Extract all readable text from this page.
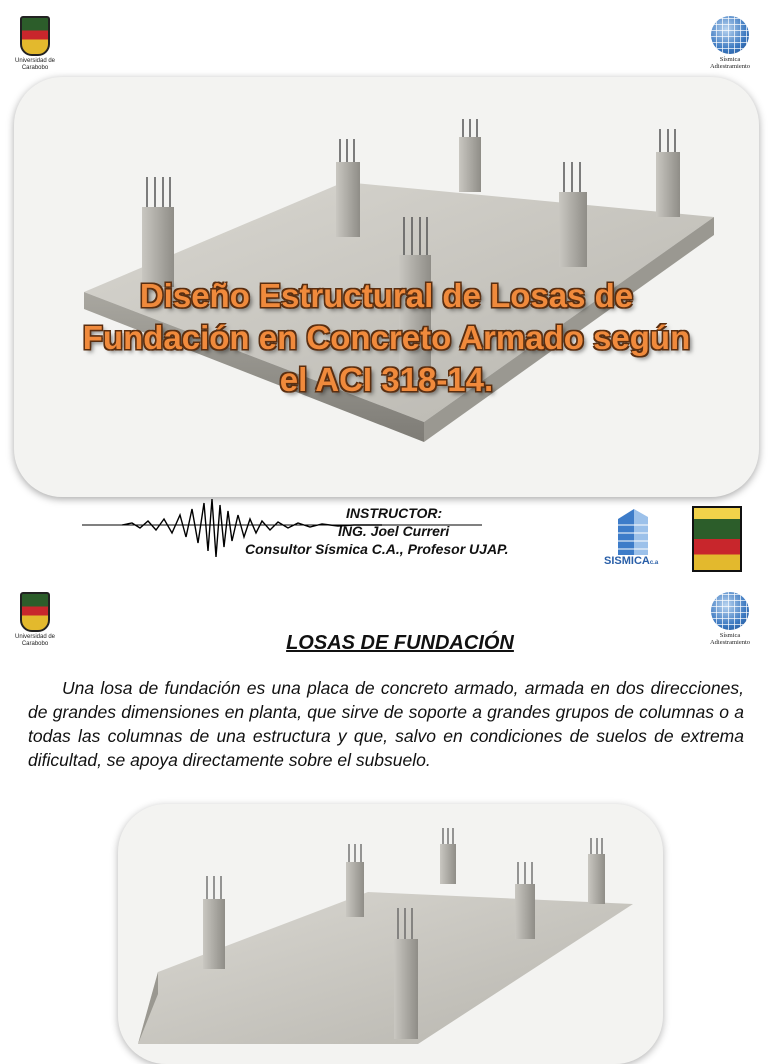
Universidad de Carabobo
Sísmica Adiestramiento
Diseño Estructural de Losas de
Fundación en Concreto Armado según
el ACI 318-14.
INSTRUCTOR:
ING. Joel Curreri
Consultor Sísmica C.A., Profesor UJAP.
SISMICAc.a
Universidad de Carabobo
Sísmica Adiestramiento
LOSAS DE FUNDACIÓN
Una losa de fundación es una placa de concreto armado, armada en dos direcciones, de grandes dimensiones en planta, que sirve de soporte a grandes grupos de columnas o a todas las columnas de una estructura y que, salvo en condiciones de suelos de extrema dificultad, se apoya directamente sobre el subsuelo.
